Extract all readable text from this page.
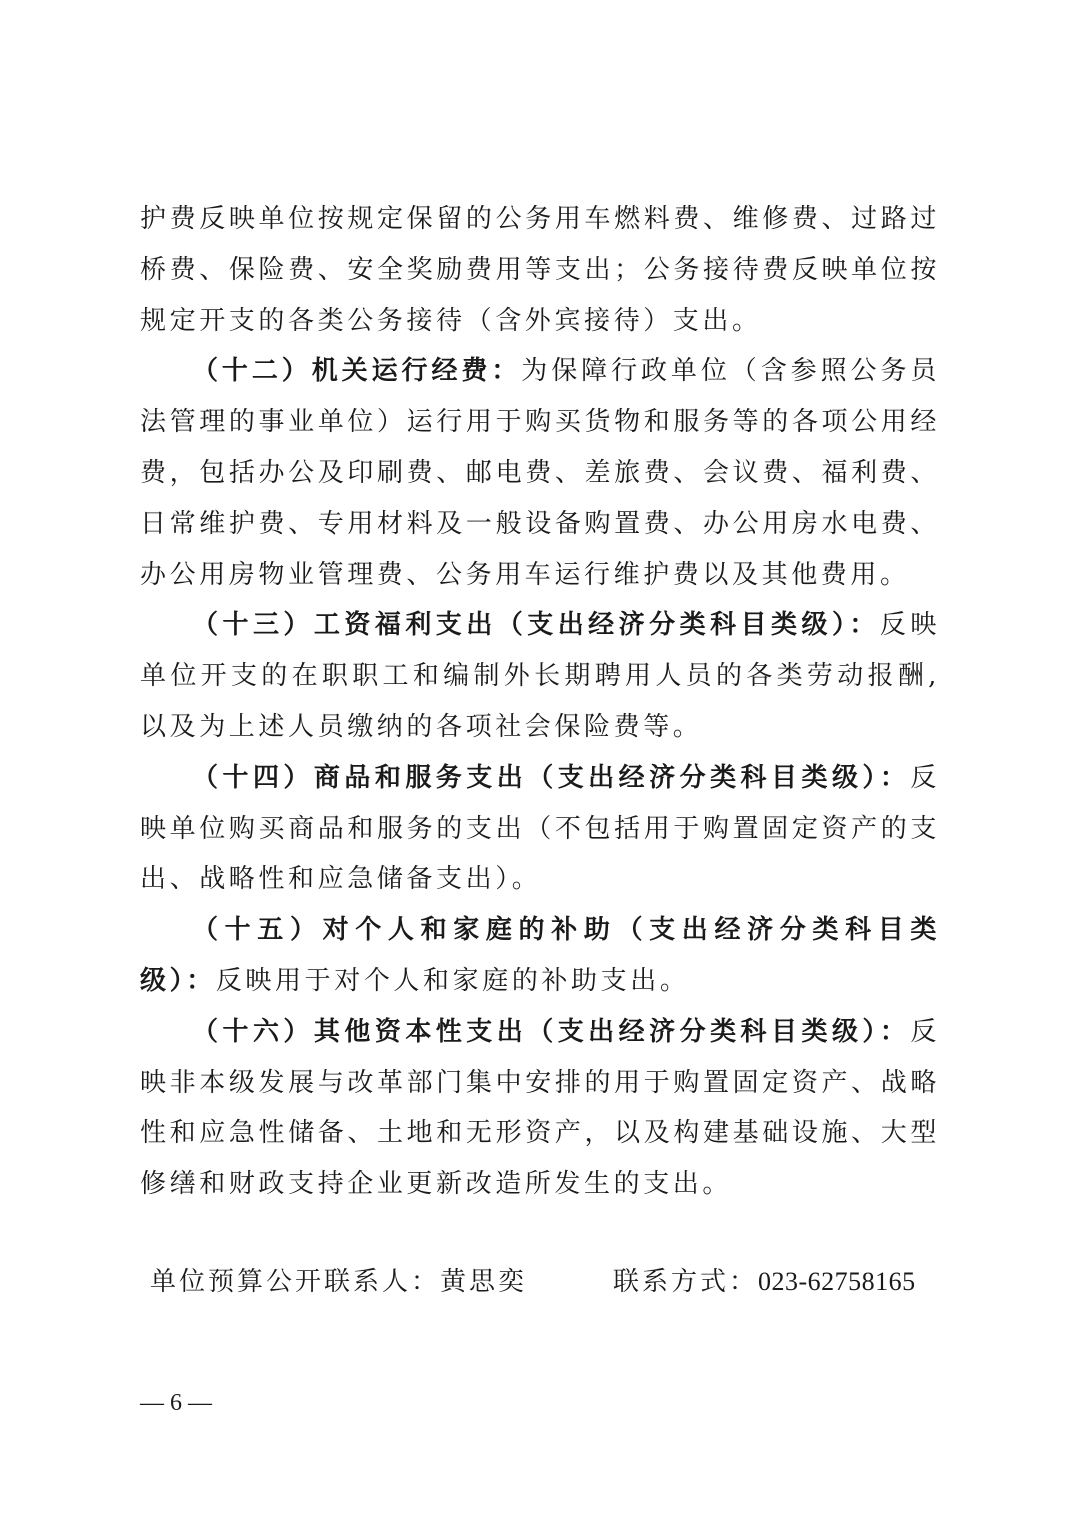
护费反映单位按规定保留的公务用车燃料费、维修费、过路过桥费、保险费、安全奖励费用等支出；公务接待费反映单位按规定开支的各类公务接待（含外宾接待）支出。

（十二）机关运行经费：为保障行政单位（含参照公务员法管理的事业单位）运行用于购买货物和服务等的各项公用经费，包括办公及印刷费、邮电费、差旅费、会议费、福利费、日常维护费、专用材料及一般设备购置费、办公用房水电费、办公用房物业管理费、公务用车运行维护费以及其他费用。

（十三）工资福利支出（支出经济分类科目类级）：反映单位开支的在职职工和编制外长期聘用人员的各类劳动报酬,以及为上述人员缴纳的各项社会保险费等。

（十四）商品和服务支出（支出经济分类科目类级）：反映单位购买商品和服务的支出（不包括用于购置固定资产的支出、战略性和应急储备支出）。

（十五）对个人和家庭的补助（支出经济分类科目类级）：反映用于对个人和家庭的补助支出。

（十六）其他资本性支出（支出经济分类科目类级）：反映非本级发展与改革部门集中安排的用于购置固定资产、战略性和应急性储备、土地和无形资产，以及构建基础设施、大型修缮和财政支持企业更新改造所发生的支出。

单位预算公开联系人：黄思奕	联系方式：023-62758165
— 6 —
